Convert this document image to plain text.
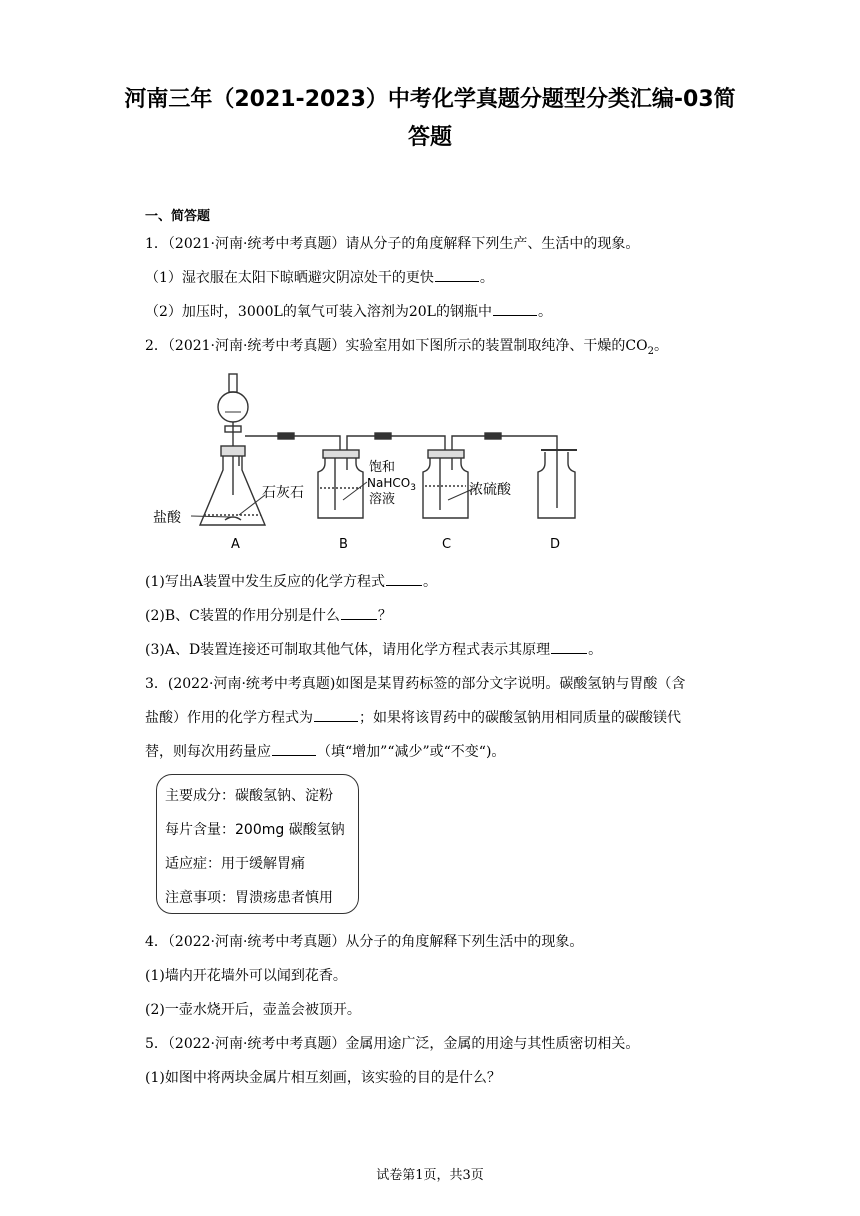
河南三年（2021-2023）中考化学真题分题型分类汇编-03简
答题
一、简答题
1．（2021·河南·统考中考真题）请从分子的角度解释下列生产、生活中的现象。
（1）湿衣服在太阳下晾晒避灾阴凉处干的更快	。
（2）加压时，3000L的氧气可装入溶剂为20L的钢瓶中	。
2．（2021·河南·统考中考真题）实验室用如下图所示的装置制取纯净、干燥的$CO_2$。
盐酸
石灰石
饱和
NaHCO$_3$
溶液
浓硫酸
A	B	C	D
(1)写出A装置中发生反应的化学方程式	。
(2)B、C装置的作用分别是什么	？
(3)A、D装置连接还可制取其他气体，请用化学方程式表示其原理	。
3．(2022·河南·统考中考真题)如图是某胃药标签的部分文字说明。碳酸氢钠与胃酸（含
盐酸）作用的化学方程式为	；如果将该胃药中的碳酸氢钠用相同质量的碳酸镁代
替，则每次用药量应	（填“增加”“减少”或“不变“)。
主要成分：碳酸氢钠、淀粉
每片含量：200mg 碳酸氢钠
适应症：用于缓解胃痛
注意事项：胃溃疡患者慎用
4．（2022·河南·统考中考真题）从分子的角度解释下列生活中的现象。
(1)墙内开花墙外可以闻到花香。
(2)一壶水烧开后，壶盖会被顶开。
5．（2022·河南·统考中考真题）金属用途广泛，金属的用途与其性质密切相关。
(1)如图中将两块金属片相互刻画，该实验的目的是什么？
试卷第1页，共3页
